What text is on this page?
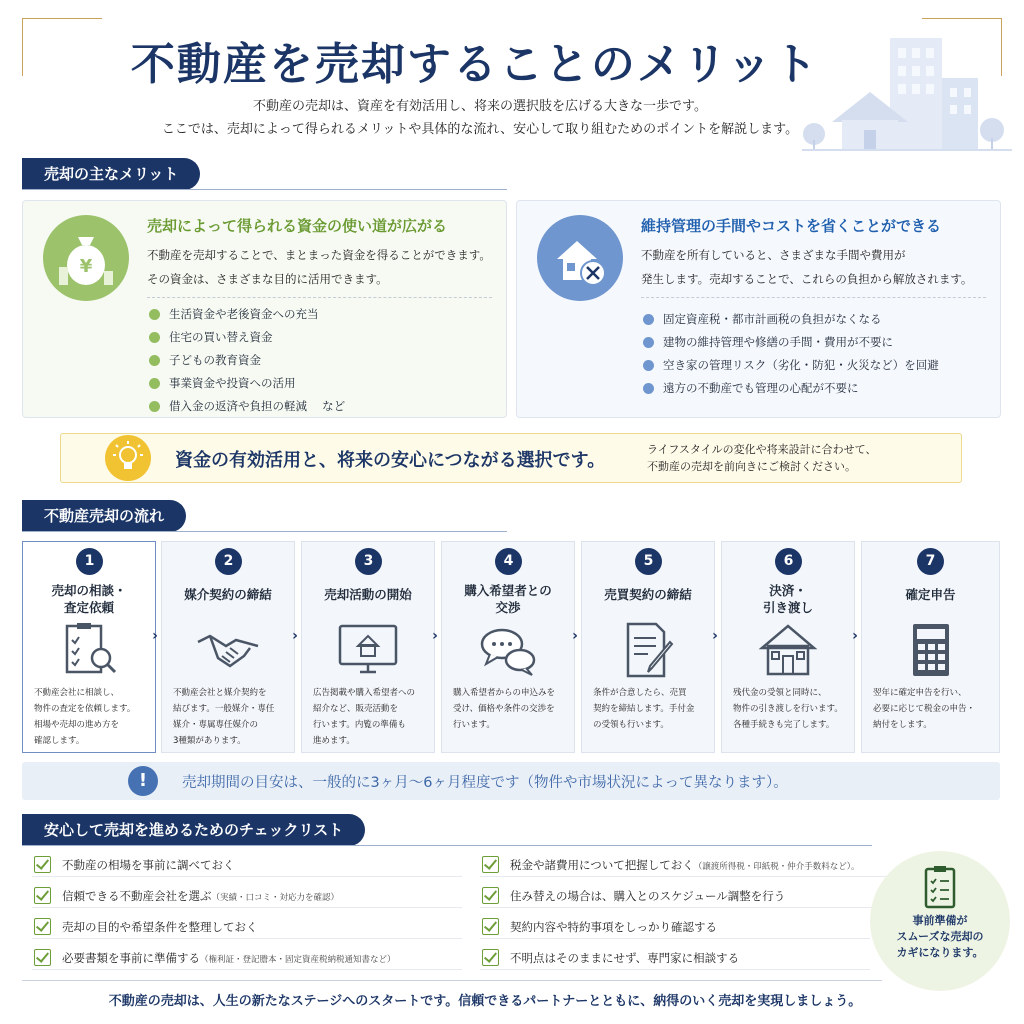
不動産を売却することのメリット
不動産の売却は、資産を有効活用し、将来の選択肢を広げる大きな一歩です。
ここでは、売却によって得られるメリットや具体的な流れ、安心して取り組むためのポイントを解説します。
売却の主なメリット
¥
売却によって得られる資金の使い道が広がる
不動産を売却することで、まとまった資金を得ることができます。
その資金は、さまざまな目的に活用できます。
生活資金や老後資金への充当
住宅の買い替え資金
子どもの教育資金
事業資金や投資への活用
借入金の返済や負担の軽減　 など
維持管理の手間やコストを省くことができる
不動産を所有していると、さまざまな手間や費用が
発生します。売却することで、これらの負担から解放されます。
固定資産税・都市計画税の負担がなくなる
建物の維持管理や修繕の手間・費用が不要に
空き家の管理リスク（劣化・防犯・火災など）を回避
遠方の不動産でも管理の心配が不要に
資金の有効活用と、将来の安心につながる選択です。
ライフスタイルの変化や将来設計に合わせて、
不動産の売却を前向きにご検討ください。
不動産売却の流れ
1
売却の相談・
査定依頼
不動産会社に相談し、
物件の査定を依頼します。
相場や売却の進め方を
確認します。
›
2
媒介契約の締結
不動産会社と媒介契約を
結びます。一般媒介・専任
媒介・専属専任媒介の
3種類があります。
›
3
売却活動の開始
広告掲載や購入希望者への
紹介など、販売活動を
行います。内覧の準備も
進めます。
›
4
購入希望者との
交渉
購入希望者からの申込みを
受け、価格や条件の交渉を
行います。
›
5
売買契約の締結
条件が合意したら、売買
契約を締結します。手付金
の受領も行います。
›
6
決済・
引き渡し
残代金の受領と同時に、
物件の引き渡しを行います。
各種手続きも完了します。
›
7
確定申告
翌年に確定申告を行い、
必要に応じて税金の申告・
納付をします。
!	売却期間の目安は、一般的に3ヶ月〜6ヶ月程度です（物件や市場状況によって異なります）。
安心して売却を進めるためのチェックリスト
不動産の相場を事前に調べておく
信頼できる不動産会社を選ぶ（実績・口コミ・対応力を確認）
売却の目的や希望条件を整理しておく
必要書類を事前に準備する（権利証・登記謄本・固定資産税納税通知書など）
税金や諸費用について把握しておく（譲渡所得税・印紙税・仲介手数料など）。
住み替えの場合は、購入とのスケジュール調整を行う
契約内容や特約事項をしっかり確認する
不明点はそのままにせず、専門家に相談する
事前準備が
スムーズな売却の
カギになります。
不動産の売却は、人生の新たなステージへのスタートです。信頼できるパートナーとともに、納得のいく売却を実現しましょう。
